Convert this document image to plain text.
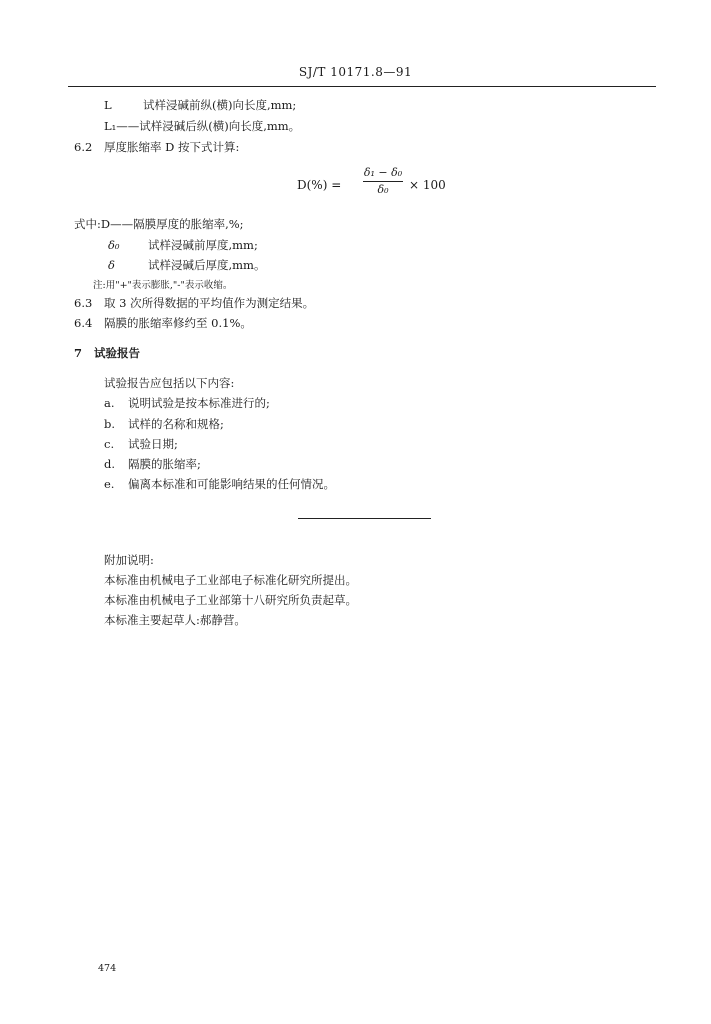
SJ/T 10171.8—91
L	试样浸碱前纵(横)向长度,mm;
L₁——试样浸碱后纵(横)向长度,mm。
6.2 厚度胀缩率 D 按下式计算:
D(%) =
δ₁ − δ₀
δ₀	× 100
式中:D——隔膜厚度的胀缩率,%;
δ₀ 试样浸碱前厚度,mm;
δ	试样浸碱后厚度,mm。
注:用"+"表示膨胀,"-"表示收缩。
6.3 取 3 次所得数据的平均值作为测定结果。
6.4 隔膜的胀缩率修约至 0.1%。
7 试验报告
试验报告应包括以下内容:
a. 说明试验是按本标准进行的;
b. 试样的名称和规格;
c. 试验日期;
d. 隔膜的胀缩率;
e. 偏离本标准和可能影响结果的任何情况。
附加说明:
本标准由机械电子工业部电子标准化研究所提出。
本标准由机械电子工业部第十八研究所负责起草。
本标准主要起草人:郝静营。
474
